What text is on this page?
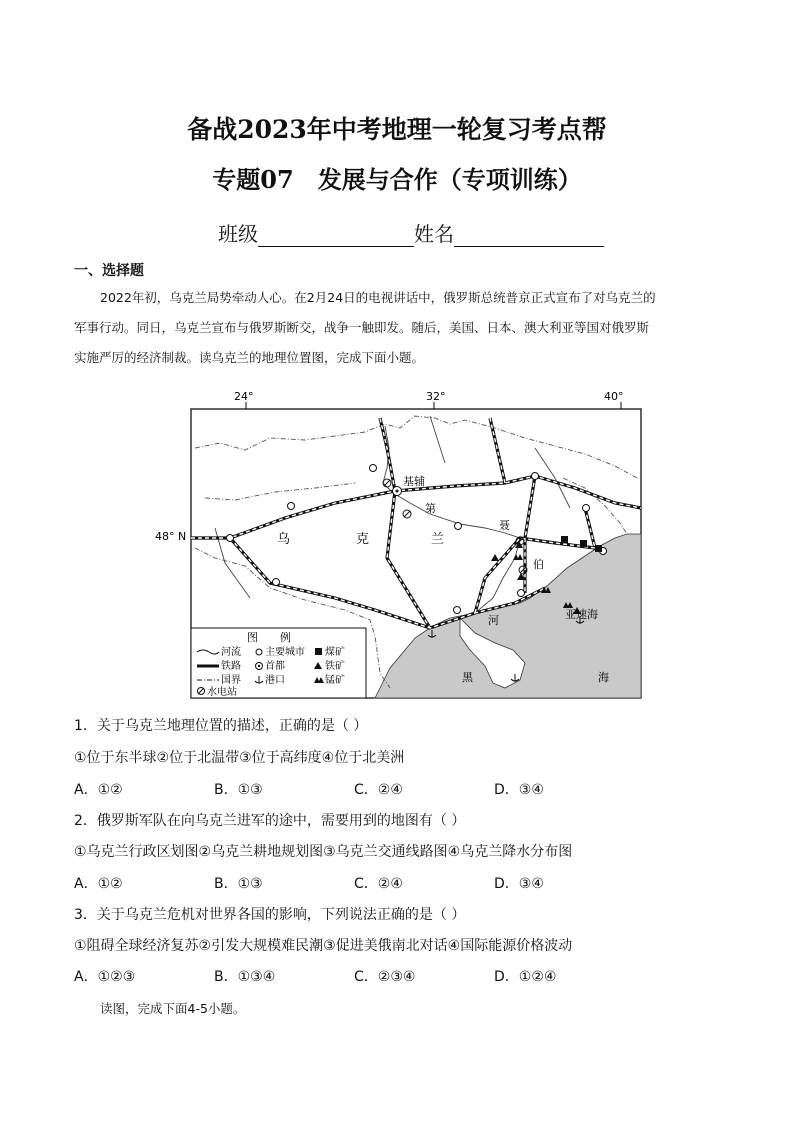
备战2023年中考地理一轮复习考点帮
专题07　发展与合作（专项训练）
班级	姓名
一、选择题

2022年初，乌克兰局势牵动人心。在2月24日的电视讲话中，俄罗斯总统普京正式宣布了对乌克兰的

军事行动。同日，乌克兰宣布与俄罗斯断交，战争一触即发。随后，美国、日本、澳大利亚等国对俄罗斯

实施严厉的经济制裁。读乌克兰的地理位置图，完成下面小题。

24°	32°	40°
48° N	乌	克	兰
基辅
第
聂
伯
河	亚速海
黑	海
图　　例
河流
铁路
国界
水电站
主要城市
首都
港口
煤矿
铁矿
锰矿
1．关于乌克兰地理位置的描述，正确的是（ ）
①位于东半球②位于北温带③位于高纬度④位于北美洲
A．①②	B．①③	C．②④	D．③④
2．俄罗斯军队在向乌克兰进军的途中，需要用到的地图有（ ）
①乌克兰行政区划图②乌克兰耕地规划图③乌克兰交通线路图④乌克兰降水分布图
A．①②	B．①③	C．②④	D．③④
3．关于乌克兰危机对世界各国的影响，下列说法正确的是（ ）
①阻碍全球经济复苏②引发大规模难民潮③促进美俄南北对话④国际能源价格波动
A．①②③	B．①③④	C．②③④	D．①②④
读图，完成下面4-5小题。
